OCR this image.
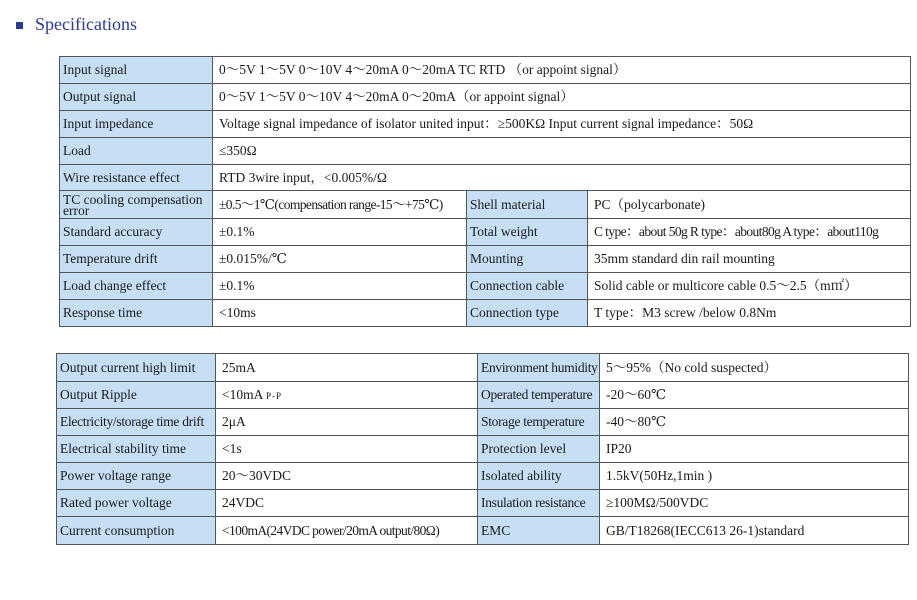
Specifications
Input signal	0～5V 1～5V 0～10V 4～20mA 0～20mA TC RTD （or appoint signal）		
Output signal	0～5V 1～5V 0～10V 4～20mA 0～20mA（or appoint signal）		
Input impedance	Voltage signal impedance of isolator united input：≥500KΩ Input current signal impedance：50Ω		
Load	≤350Ω		
Wire resistance effect	RTD 3wire input，<0.005%/Ω		
TC cooling compensation error	±0.5～1℃(compensation range-15～+75℃)	Shell material	PC（polycarbonate)
Standard accuracy	±0.1%	Total weight	C type：about 50g R type：about80g A type：about110g
Temperature drift	±0.015%/℃	Mounting	35mm standard din rail mounting
Load change effect	±0.1%	Connection cable	Solid cable or multicore cable 0.5～2.5（m㎡）
Response time	<10ms	Connection type	T type：M3 screw /below 0.8Nm
Output current high limit	25mA	Environment humidity	5～95%（No cold suspected）
Output Ripple	<10mA P-P	Operated temperature	-20～60℃
Electricity/storage time drift	2μA	Storage temperature	-40～80℃
Electrical stability time	<1s	Protection level	IP20
Power voltage range	20～30VDC	Isolated ability	1.5kV(50Hz,1min )
Rated power voltage	24VDC	Insulation resistance	≥100MΩ/500VDC
Current consumption	<100mA(24VDC power/20mA output/80Ω)	EMC	GB/T18268(IECC613 26-1)standard
